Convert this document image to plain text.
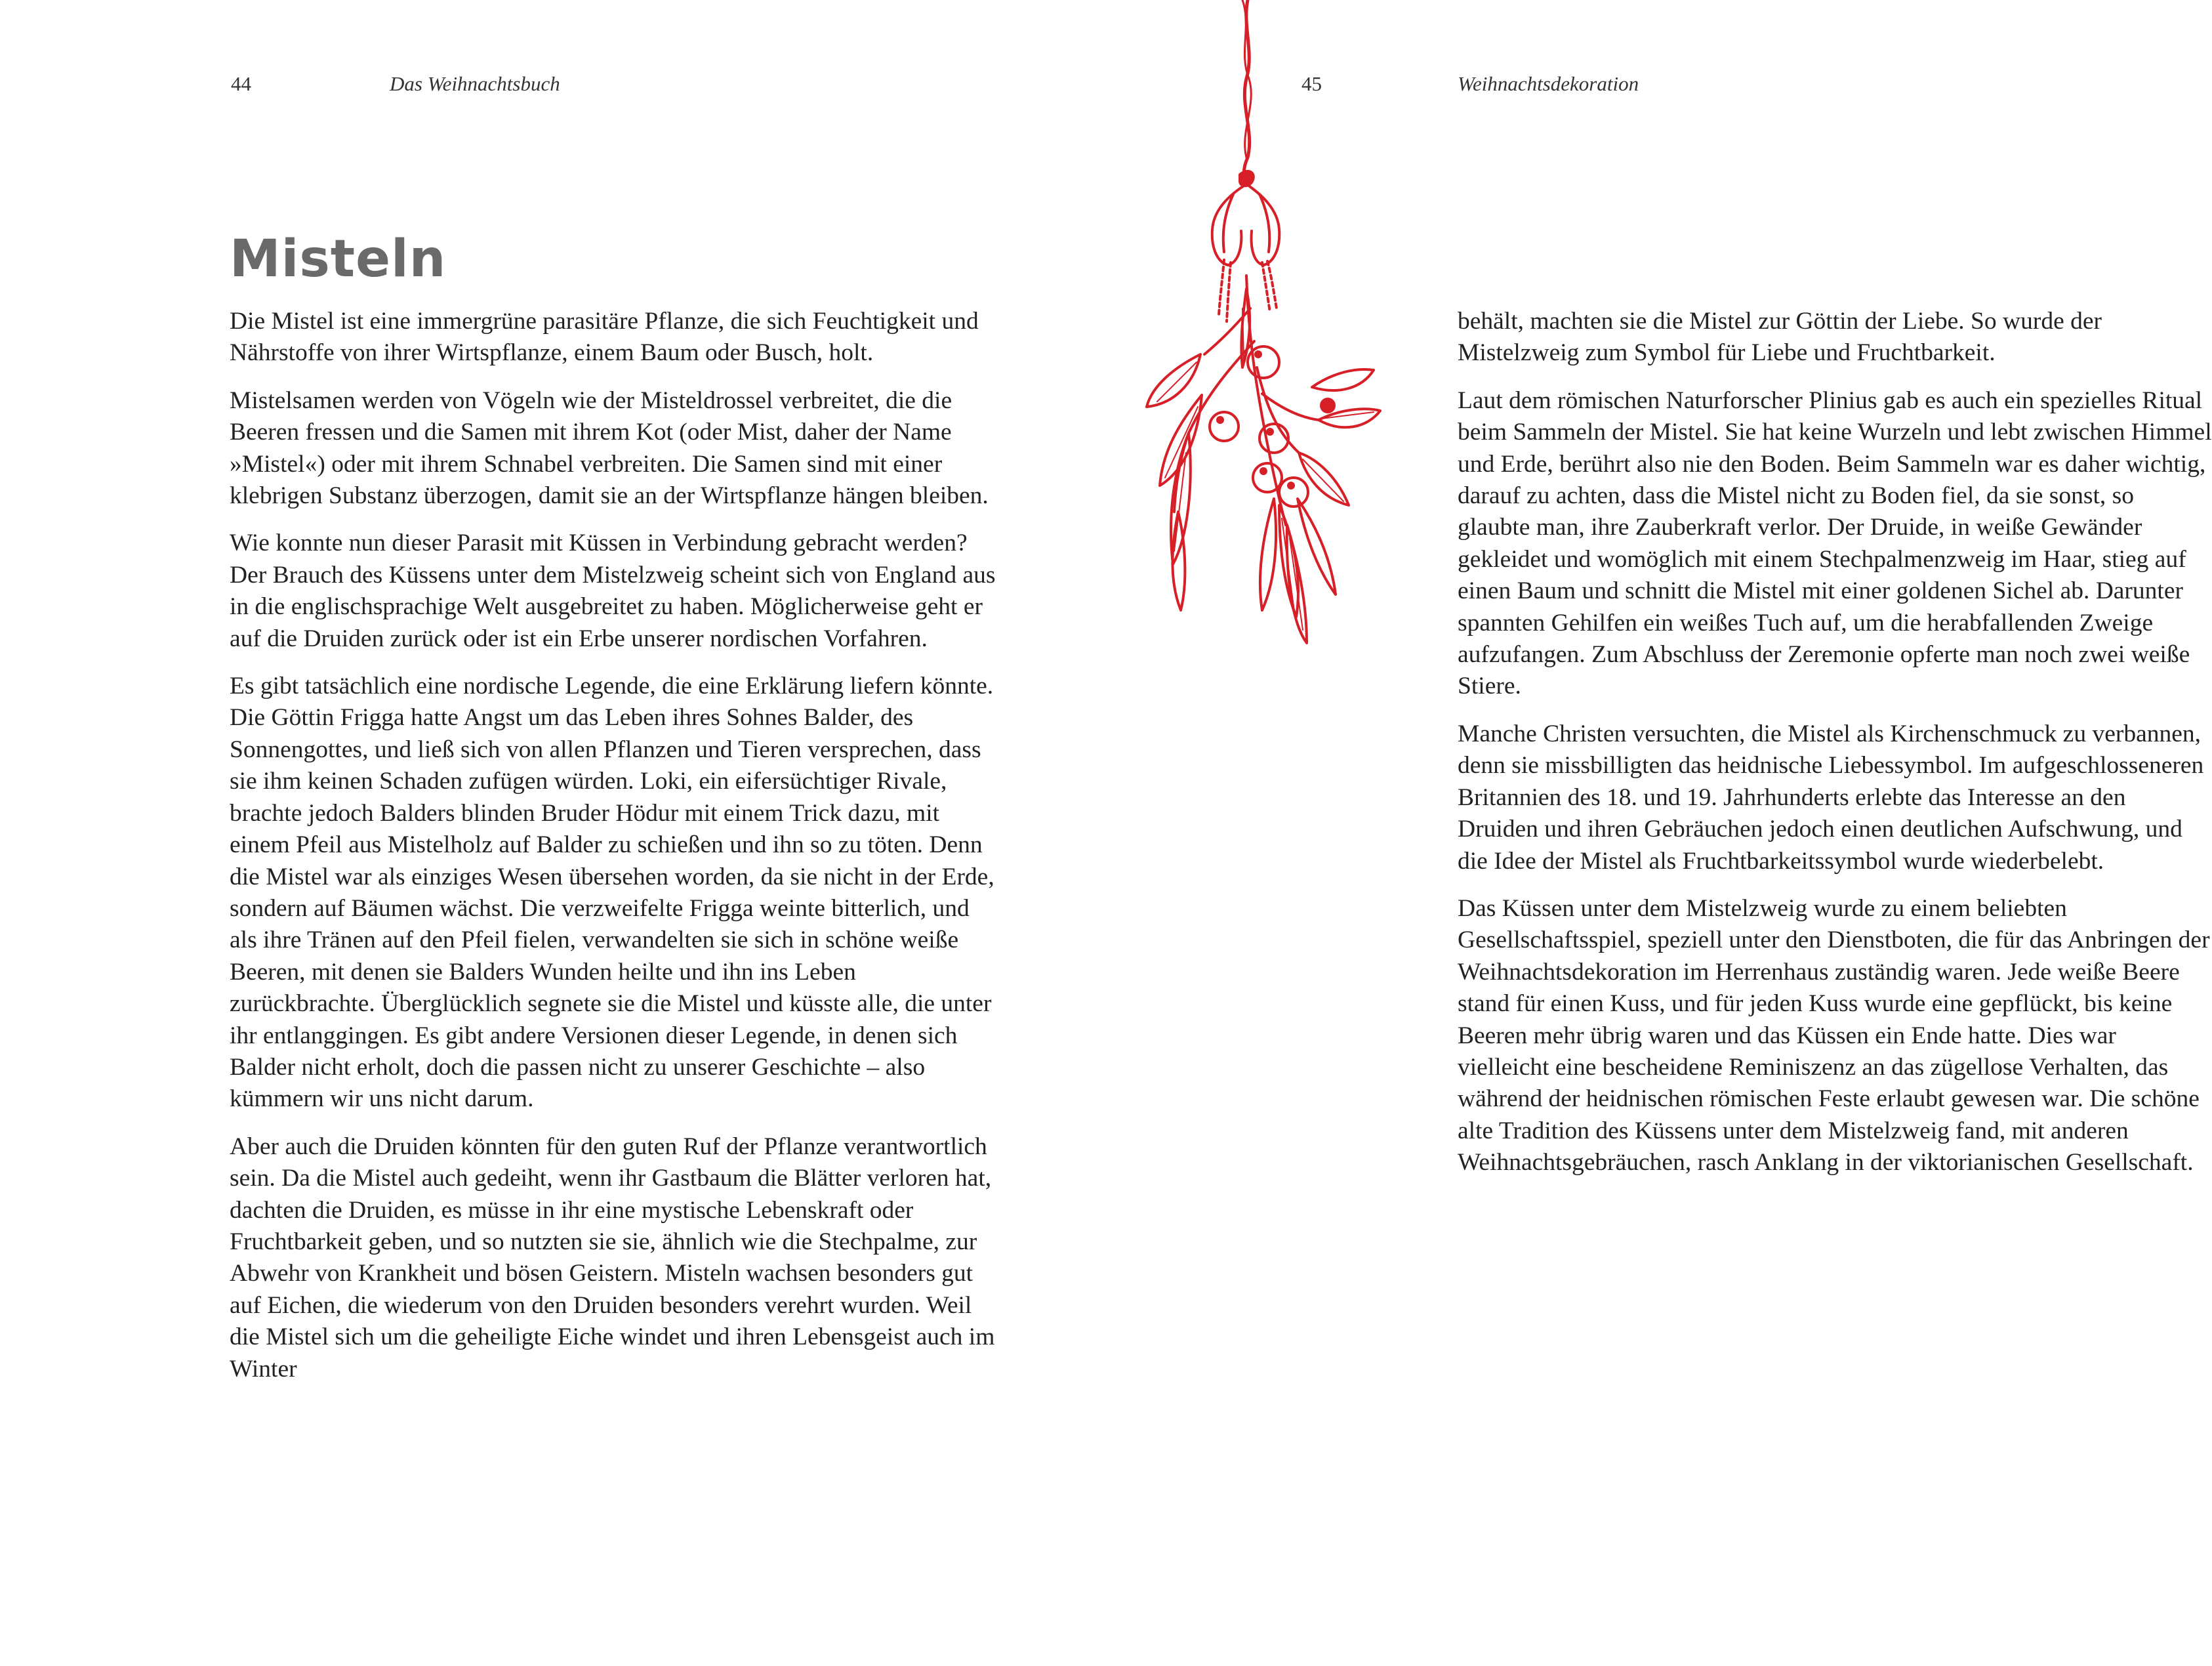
44	Das Weihnachtsbuch
Misteln

Die Mistel ist eine immergrüne parasitäre Pflanze, die sich Feuchtigkeit und Nährstoffe von ihrer Wirtspflanze, einem Baum oder Busch, holt.

Mistelsamen werden von Vögeln wie der Misteldrossel verbreitet, die die Beeren fressen und die Samen mit ihrem Kot (oder Mist, daher der Name »Mistel«) oder mit ihrem Schnabel verbreiten. Die Samen sind mit einer klebrigen Substanz überzogen, damit sie an der Wirtspflanze hängen bleiben.

Wie konnte nun dieser Parasit mit Küssen in Verbindung gebracht werden? Der Brauch des Küssens unter dem Mistelzweig scheint sich von England aus in die englischsprachige Welt ausgebreitet zu haben. Möglicherweise geht er auf die Druiden zurück oder ist ein Erbe unserer nordischen Vorfahren.

Es gibt tatsächlich eine nordische Legende, die eine Erklärung liefern könnte. Die Göttin Frigga hatte Angst um das Leben ihres Sohnes Balder, des Sonnengottes, und ließ sich von allen Pflanzen und Tieren versprechen, dass sie ihm keinen Schaden zufügen würden. Loki, ein eifersüchtiger Rivale, brachte jedoch Balders blinden Bruder Hödur mit einem Trick dazu, mit einem Pfeil aus Mistelholz auf Balder zu schießen und ihn so zu töten. Denn die Mistel war als einziges Wesen übersehen worden, da sie nicht in der Erde, sondern auf Bäumen wächst. Die verzweifelte Frigga weinte bitterlich, und als ihre Tränen auf den Pfeil fielen, verwandelten sie sich in schöne weiße Beeren, mit denen sie Balders Wunden heilte und ihn ins Leben zurückbrachte. Überglücklich segnete sie die Mistel und küsste alle, die unter ihr entlanggingen. Es gibt andere Versionen dieser Legende, in denen sich Balder nicht erholt, doch die passen nicht zu unserer Geschichte – also kümmern wir uns nicht darum.

Aber auch die Druiden könnten für den guten Ruf der Pflanze verantwortlich sein. Da die Mistel auch gedeiht, wenn ihr Gastbaum die Blätter verloren hat, dachten die Druiden, es müsse in ihr eine mystische Lebenskraft oder Fruchtbarkeit geben, und so nutzten sie sie, ähnlich wie die Stechpalme, zur Abwehr von Krankheit und bösen Geistern. Misteln wachsen besonders gut auf Eichen, die wiederum von den Druiden besonders verehrt wurden. Weil die Mistel sich um die geheiligte Eiche windet und ihren Lebensgeist auch im Winter

45	Weihnachtsdekoration

behält, machten sie die Mistel zur Göttin der Liebe. So wurde der Mistelzweig zum Symbol für Liebe und Fruchtbarkeit.

Laut dem römischen Naturforscher Plinius gab es auch ein spezielles Ritual beim Sammeln der Mistel. Sie hat keine Wurzeln und lebt zwischen Himmel und Erde, berührt also nie den Boden. Beim Sammeln war es daher wichtig, darauf zu achten, dass die Mistel nicht zu Boden fiel, da sie sonst, so glaubte man, ihre Zauberkraft verlor. Der Druide, in weiße Gewänder gekleidet und womöglich mit einem Stechpalmenzweig im Haar, stieg auf einen Baum und schnitt die Mistel mit einer goldenen Sichel ab. Darunter spannten Gehilfen ein weißes Tuch auf, um die herabfallenden Zweige aufzufangen. Zum Abschluss der Zeremonie opferte man noch zwei weiße Stiere.

Manche Christen versuchten, die Mistel als Kirchenschmuck zu verbannen, denn sie missbilligten das heidnische Liebessymbol. Im aufgeschlosseneren Britannien des 18. und 19. Jahrhunderts erlebte das Interesse an den Druiden und ihren Gebräuchen jedoch einen deutlichen Aufschwung, und die Idee der Mistel als Fruchtbarkeitssymbol wurde wiederbelebt.

Das Küssen unter dem Mistelzweig wurde zu einem beliebten Gesellschaftsspiel, speziell unter den Dienstboten, die für das Anbringen der Weihnachtsdekoration im Herrenhaus zuständig waren. Jede weiße Beere stand für einen Kuss, und für jeden Kuss wurde eine gepflückt, bis keine Beeren mehr übrig waren und das Küssen ein Ende hatte. Dies war vielleicht eine bescheidene Reminiszenz an das zügellose Verhalten, das während der heidnischen römischen Feste erlaubt gewesen war. Die schöne alte Tradition des Küssens unter dem Mistelzweig fand, mit anderen Weihnachtsgebräuchen, rasch Anklang in der viktorianischen Gesellschaft.
